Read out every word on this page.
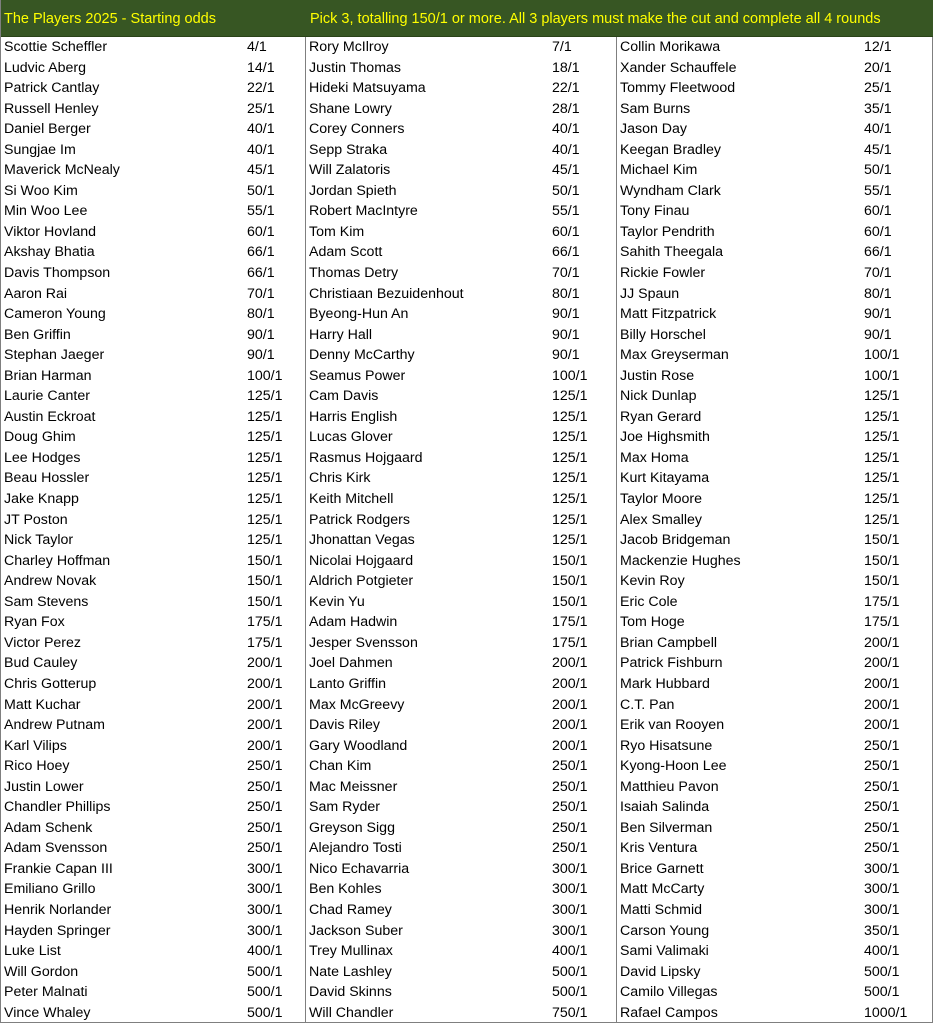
The Players 2025 - Starting odds	Pick 3, totalling 150/1 or more. All 3 players must make the cut and complete all 4 rounds
Scottie Scheffler	4/1
Ludvic Aberg	14/1
Patrick Cantlay	22/1
Russell Henley	25/1
Daniel Berger	40/1
Sungjae Im	40/1
Maverick McNealy	45/1
Si Woo Kim	50/1
Min Woo Lee	55/1
Viktor Hovland	60/1
Akshay Bhatia	66/1
Davis Thompson	66/1
Aaron Rai	70/1
Cameron Young	80/1
Ben Griffin	90/1
Stephan Jaeger	90/1
Brian Harman	100/1
Laurie Canter	125/1
Austin Eckroat	125/1
Doug Ghim	125/1
Lee Hodges	125/1
Beau Hossler	125/1
Jake Knapp	125/1
JT Poston	125/1
Nick Taylor	125/1
Charley Hoffman	150/1
Andrew Novak	150/1
Sam Stevens	150/1
Ryan Fox	175/1
Victor Perez	175/1
Bud Cauley	200/1
Chris Gotterup	200/1
Matt Kuchar	200/1
Andrew Putnam	200/1
Karl Vilips	200/1
Rico Hoey	250/1
Justin Lower	250/1
Chandler Phillips	250/1
Adam Schenk	250/1
Adam Svensson	250/1
Frankie Capan III	300/1
Emiliano Grillo	300/1
Henrik Norlander	300/1
Hayden Springer	300/1
Luke List	400/1
Will Gordon	500/1
Peter Malnati	500/1
Vince Whaley	500/1
Rory McIlroy	7/1
Justin Thomas	18/1
Hideki Matsuyama	22/1
Shane Lowry	28/1
Corey Conners	40/1
Sepp Straka	40/1
Will Zalatoris	45/1
Jordan Spieth	50/1
Robert MacIntyre	55/1
Tom Kim	60/1
Adam Scott	66/1
Thomas Detry	70/1
Christiaan Bezuidenhout	80/1
Byeong-Hun An	90/1
Harry Hall	90/1
Denny McCarthy	90/1
Seamus Power	100/1
Cam Davis	125/1
Harris English	125/1
Lucas Glover	125/1
Rasmus Hojgaard	125/1
Chris Kirk	125/1
Keith Mitchell	125/1
Patrick Rodgers	125/1
Jhonattan Vegas	125/1
Nicolai Hojgaard	150/1
Aldrich Potgieter	150/1
Kevin Yu	150/1
Adam Hadwin	175/1
Jesper Svensson	175/1
Joel Dahmen	200/1
Lanto Griffin	200/1
Max McGreevy	200/1
Davis Riley	200/1
Gary Woodland	200/1
Chan Kim	250/1
Mac Meissner	250/1
Sam Ryder	250/1
Greyson Sigg	250/1
Alejandro Tosti	250/1
Nico Echavarria	300/1
Ben Kohles	300/1
Chad Ramey	300/1
Jackson Suber	300/1
Trey Mullinax	400/1
Nate Lashley	500/1
David Skinns	500/1
Will Chandler	750/1
Collin Morikawa	12/1
Xander Schauffele	20/1
Tommy Fleetwood	25/1
Sam Burns	35/1
Jason Day	40/1
Keegan Bradley	45/1
Michael Kim	50/1
Wyndham Clark	55/1
Tony Finau	60/1
Taylor Pendrith	60/1
Sahith Theegala	66/1
Rickie Fowler	70/1
JJ Spaun	80/1
Matt Fitzpatrick	90/1
Billy Horschel	90/1
Max Greyserman	100/1
Justin Rose	100/1
Nick Dunlap	125/1
Ryan Gerard	125/1
Joe Highsmith	125/1
Max Homa	125/1
Kurt Kitayama	125/1
Taylor Moore	125/1
Alex Smalley	125/1
Jacob Bridgeman	150/1
Mackenzie Hughes	150/1
Kevin Roy	150/1
Eric Cole	175/1
Tom Hoge	175/1
Brian Campbell	200/1
Patrick Fishburn	200/1
Mark Hubbard	200/1
C.T. Pan	200/1
Erik van Rooyen	200/1
Ryo Hisatsune	250/1
Kyong-Hoon Lee	250/1
Matthieu Pavon	250/1
Isaiah Salinda	250/1
Ben Silverman	250/1
Kris Ventura	250/1
Brice Garnett	300/1
Matt McCarty	300/1
Matti Schmid	300/1
Carson Young	350/1
Sami Valimaki	400/1
David Lipsky	500/1
Camilo Villegas	500/1
Rafael Campos	1000/1
